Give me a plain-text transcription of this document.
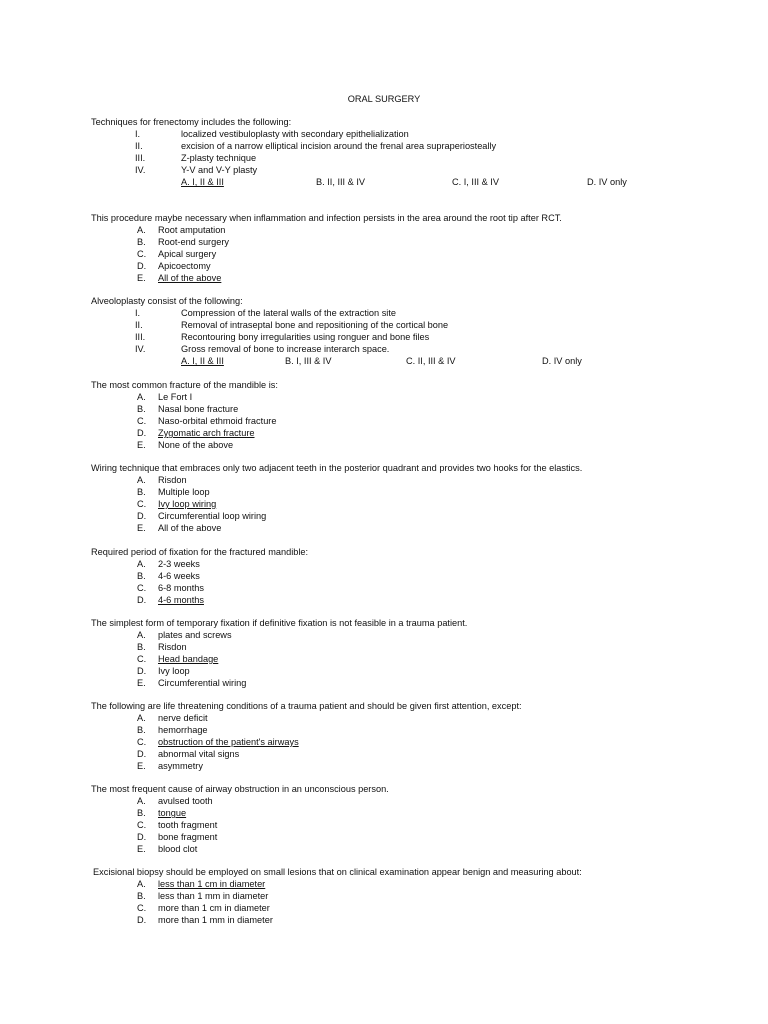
ORAL SURGERY
Techniques for frenectomy includes the following:
I.	localized vestibuloplasty with secondary epithelialization
II.	excision of a narrow elliptical incision around the frenal area supraperiosteally
III.	Z-plasty technique
IV.	Y-V and V-Y plasty
A. I, II & III	B. II, III & IV	C. I, III & IV	D. IV only
This procedure maybe necessary when inflammation and infection persists in the area around the root tip after RCT.
A. Root amputation
B. Root-end surgery
C. Apical surgery
D. Apicoectomy
E. All of the above
Alveoloplasty consist of the following:
I.	Compression of the lateral walls of the extraction site
II.	Removal of intraseptal bone and repositioning of the cortical bone
III.	Recontouring bony irregularities using ronguer and bone files
IV.	Gross removal of bone to increase interarch space.
A. I, II & III	B. I, III & IV	C. II, III & IV	D. IV only
The most common fracture of the mandible is:
A. Le Fort I
B. Nasal bone fracture
C. Naso-orbital ethmoid fracture
D. Zygomatic arch fracture
E. None of the above
Wiring technique that embraces only two adjacent teeth in the posterior quadrant and provides two hooks for the elastics.
A. Risdon
B. Multiple loop
C. Ivy loop wiring
D. Circumferential loop wiring
E. All of the above
Required period of fixation for the fractured mandible:
A. 2-3 weeks
B. 4-6 weeks
C. 6-8 months
D. 4-6 months
The simplest form of temporary fixation if definitive fixation is not feasible in a trauma patient.
A. plates and screws
B. Risdon
C. Head bandage
D. Ivy loop
E. Circumferential wiring
The following are life threatening conditions of a trauma patient and should be given first attention, except:
A. nerve deficit
B. hemorrhage
C. obstruction of the patient's airways
D. abnormal vital signs
E. asymmetry
The most frequent cause of airway obstruction in an unconscious person.
A. avulsed tooth
B. tongue
C. tooth fragment
D. bone fragment
E. blood clot
Excisional biopsy should be employed on small lesions that on clinical examination appear benign and measuring about:
A. less than 1 cm in diameter
B. less than 1 mm in diameter
C. more than 1 cm in diameter
D. more than 1 mm in diameter
